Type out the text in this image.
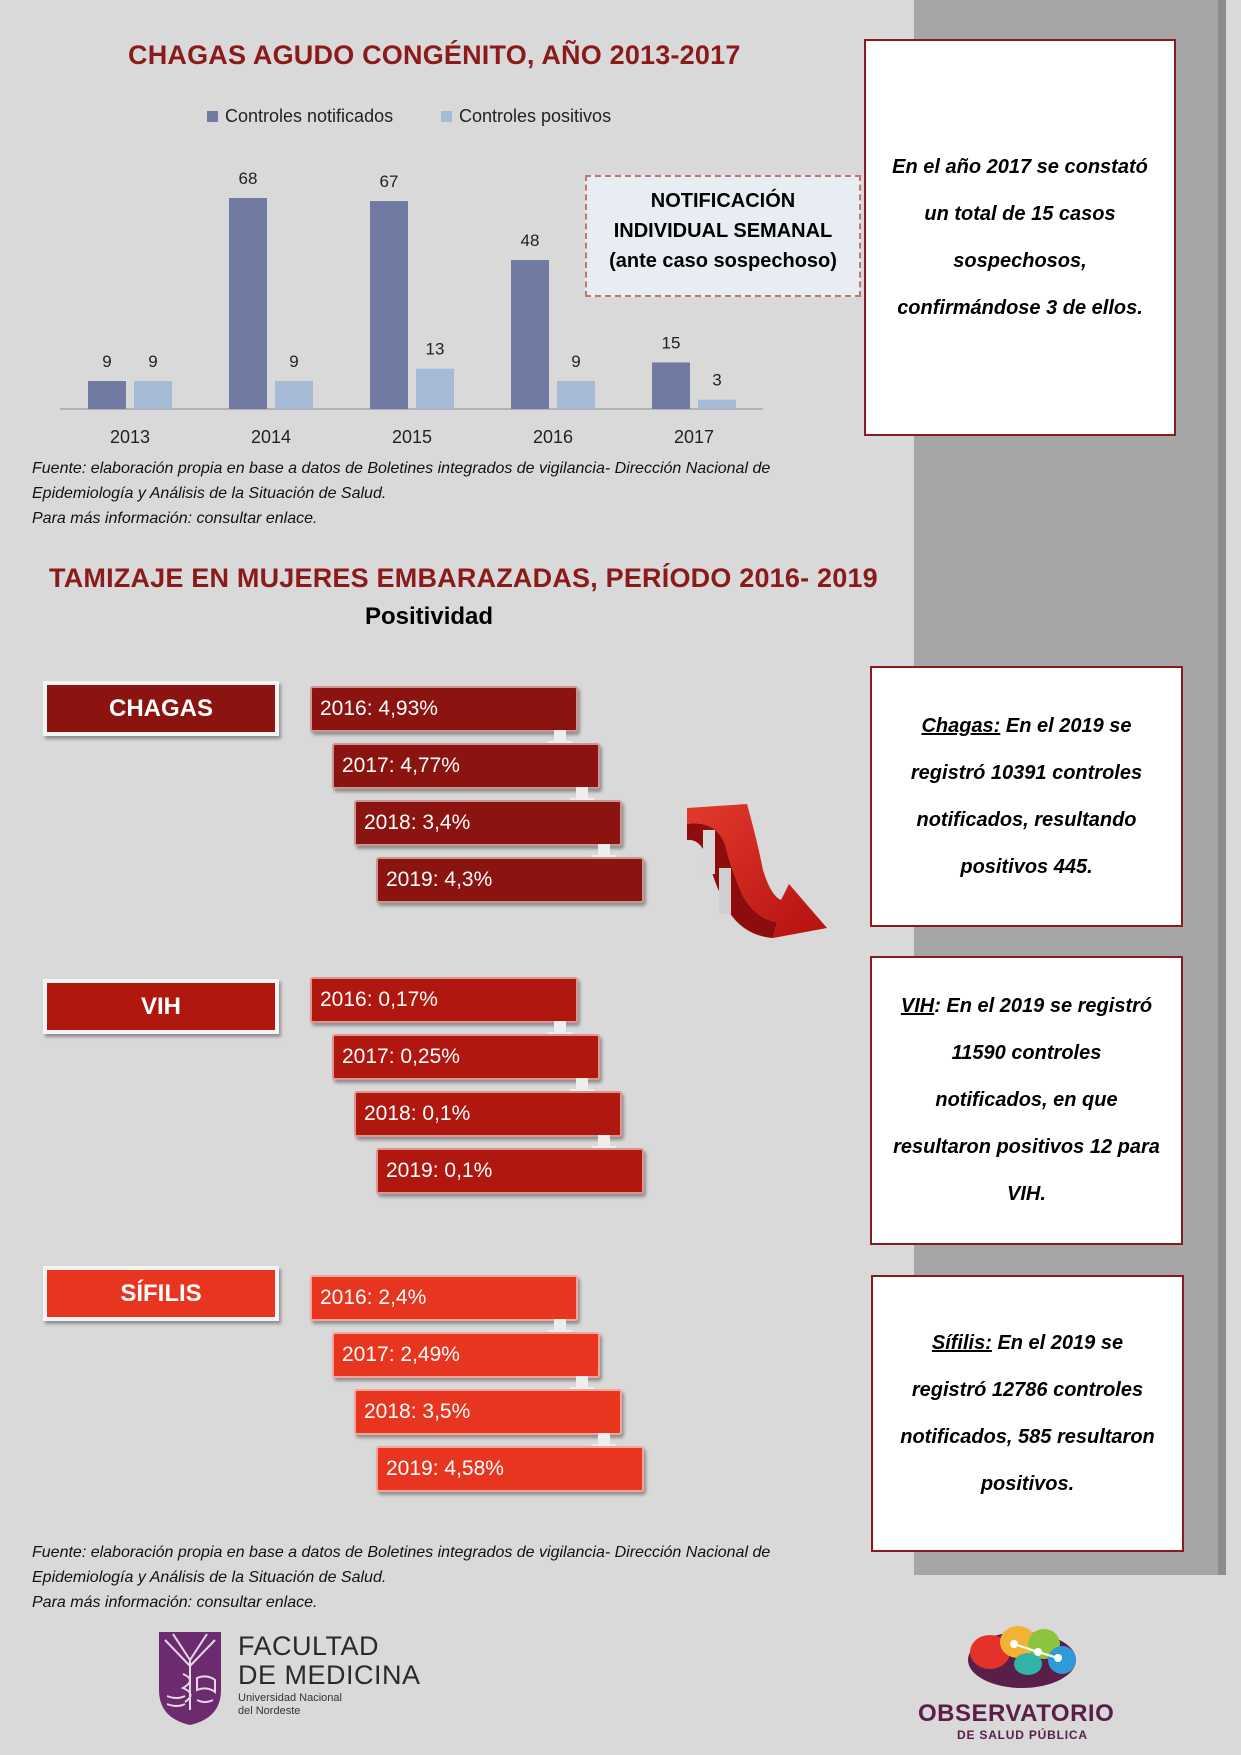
CHAGAS AGUDO CONGÉNITO, AÑO 2013-2017
Controles notificados	Controles positivos
9 9
2013
68
9
2014
67
13
2015
48
9
2016
15
3
2017
NOTIFICACIÓN
INDIVIDUAL SEMANAL
(ante caso sospechoso)
En el año 2017 se constató
un total de 15 casos
sospechosos,
confirmándose 3 de ellos.
Fuente: elaboración propia en base a datos de Boletines integrados de vigilancia- Dirección Nacional de
Epidemiología y Análisis de la Situación de Salud.
Para más información: consultar enlace.
TAMIZAJE EN MUJERES EMBARAZADAS, PERÍODO 2016- 2019
Positividad
CHAGAS	2016: 4,93%
2017: 4,77%
2018: 3,4%
2019: 4,3%
Chagas: En el 2019 se
registró 10391 controles
notificados, resultando
positivos 445.
VIH	2016: 0,17%
2017: 0,25%
2018: 0,1%
2019: 0,1%
VIH: En el 2019 se registró
11590 controles
notificados, en que
resultaron positivos 12 para
VIH.
SÍFILIS	2016: 2,4%
2017: 2,49%
2018: 3,5%
2019: 4,58%
Sífilis: En el 2019 se
registró 12786 controles
notificados, 585 resultaron
positivos.
Fuente: elaboración propia en base a datos de Boletines integrados de vigilancia- Dirección Nacional de
Epidemiología y Análisis de la Situación de Salud.
Para más información: consultar enlace.
FACULTAD
DE MEDICINA
Universidad Nacional
del Nordeste	OBSERVATORIO
DE SALUD PÚBLICA
